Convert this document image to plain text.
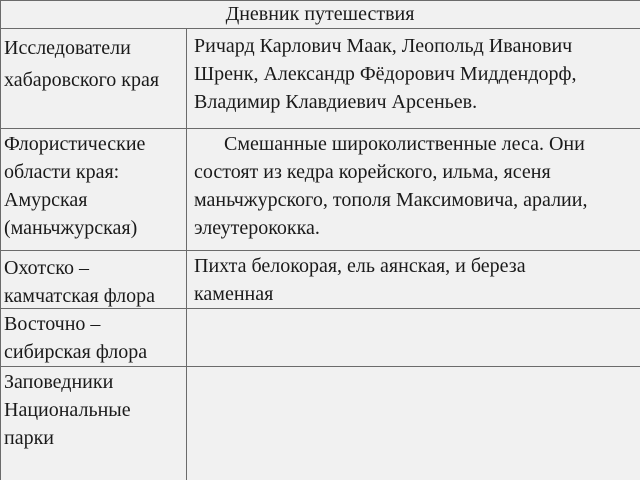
Дневник путешествия

Исследователи
хабаровского края

Ричард Карлович Маак, Леопольд Иванович
Шренк, Александр Фёдорович Миддендорф,
Владимир Клавдиевич Арсеньев.

Флористические
области края:
Амурская
(маньчжурская)

Смешанные широколиственные леса. Они
состоят из кедра корейского, ильма, ясеня
маньчжурского, тополя Максимовича, аралии,
элеутерококка.

Охотско –
камчатская флора

Пихта белокорая, ель аянская, и береза
каменная

Восточно –
сибирская флора

Заповедники
Национальные
парки
